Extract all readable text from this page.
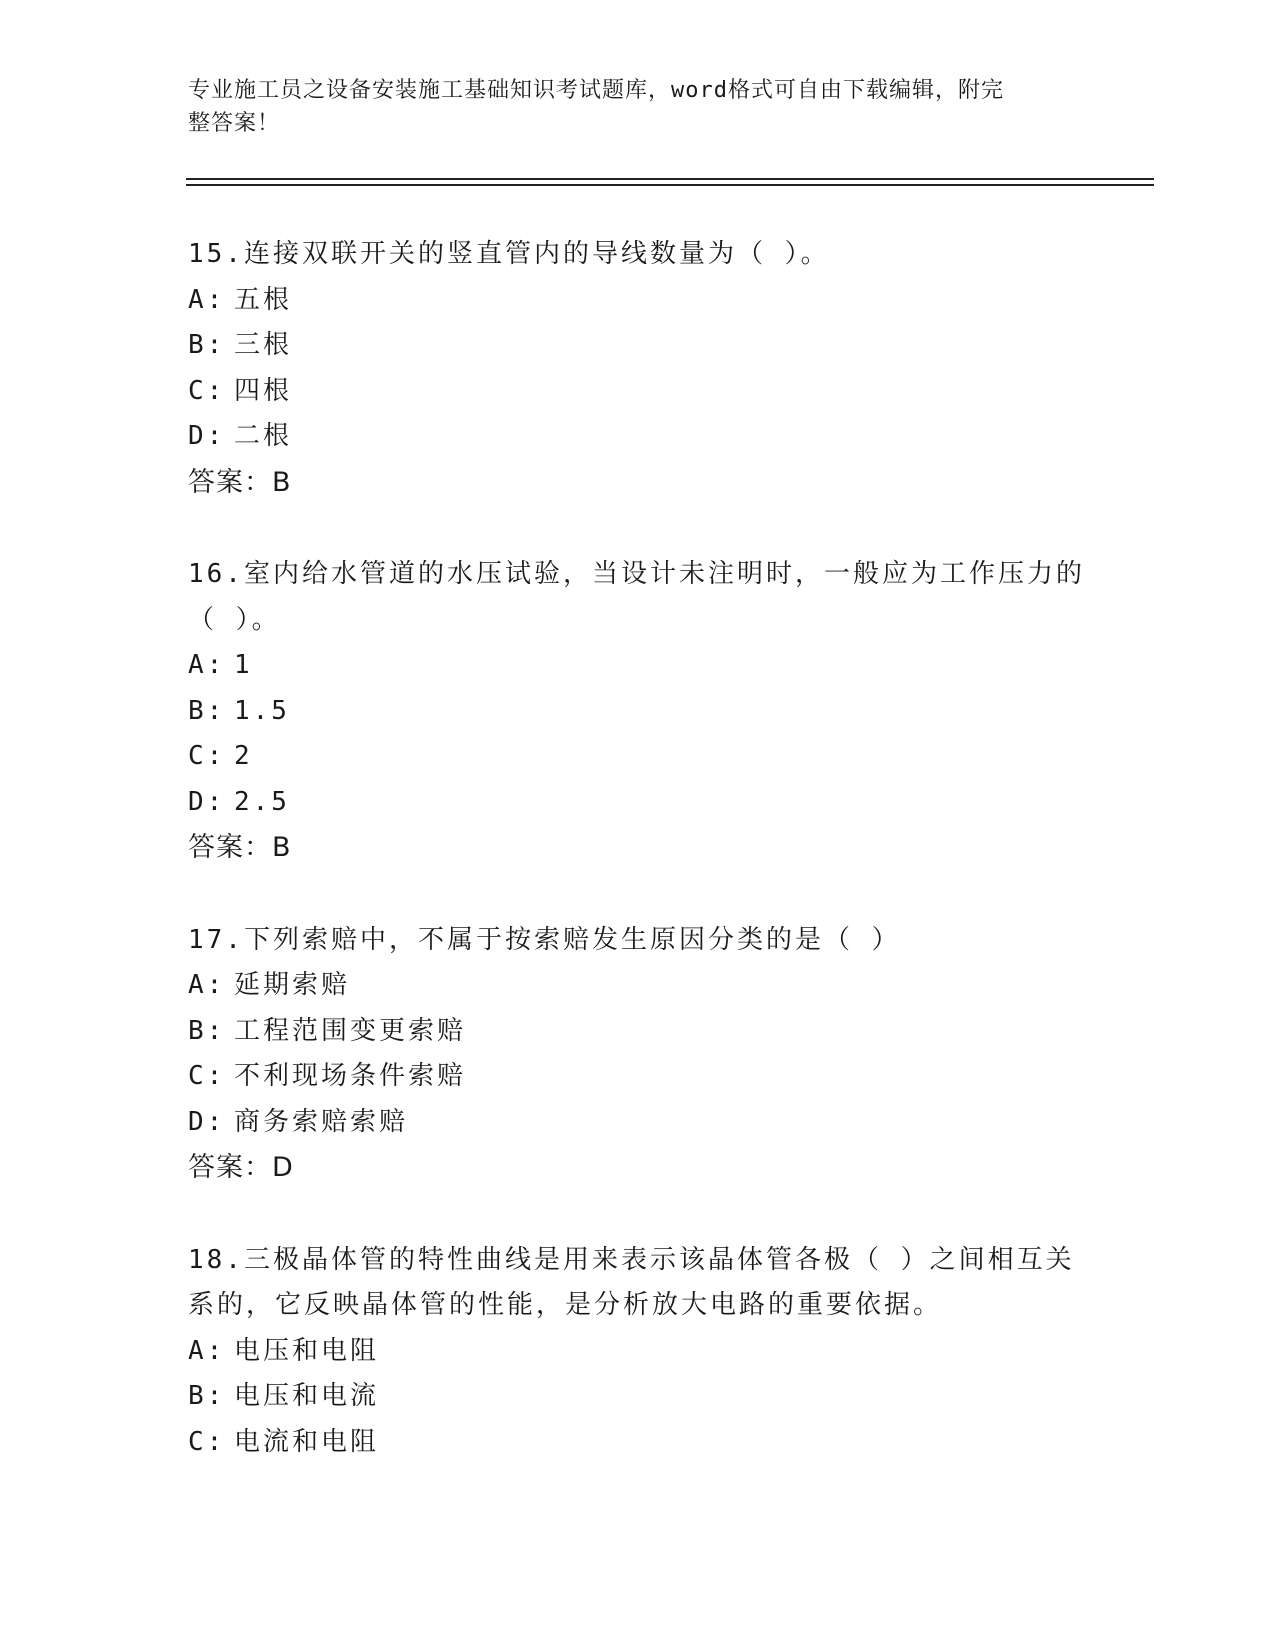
专业施工员之设备安装施工基础知识考试题库，word格式可自由下载编辑，附完
整答案！
15.连接双联开关的竖直管内的导线数量为（ ）。
A: 五根
B: 三根
C: 四根
D: 二根
答案：B
16.室内给水管道的水压试验，当设计未注明时，一般应为工作压力的（ ）。
A: 1
B: 1.5
C: 2
D: 2.5
答案：B
17.下列索赔中，不属于按索赔发生原因分类的是（ ）
A: 延期索赔
B: 工程范围变更索赔
C: 不利现场条件索赔
D: 商务索赔索赔
答案：D
18.三极晶体管的特性曲线是用来表示该晶体管各极（ ）之间相互关系的，它反映晶体管的性能，是分析放大电路的重要依据。
A: 电压和电阻
B: 电压和电流
C: 电流和电阻
